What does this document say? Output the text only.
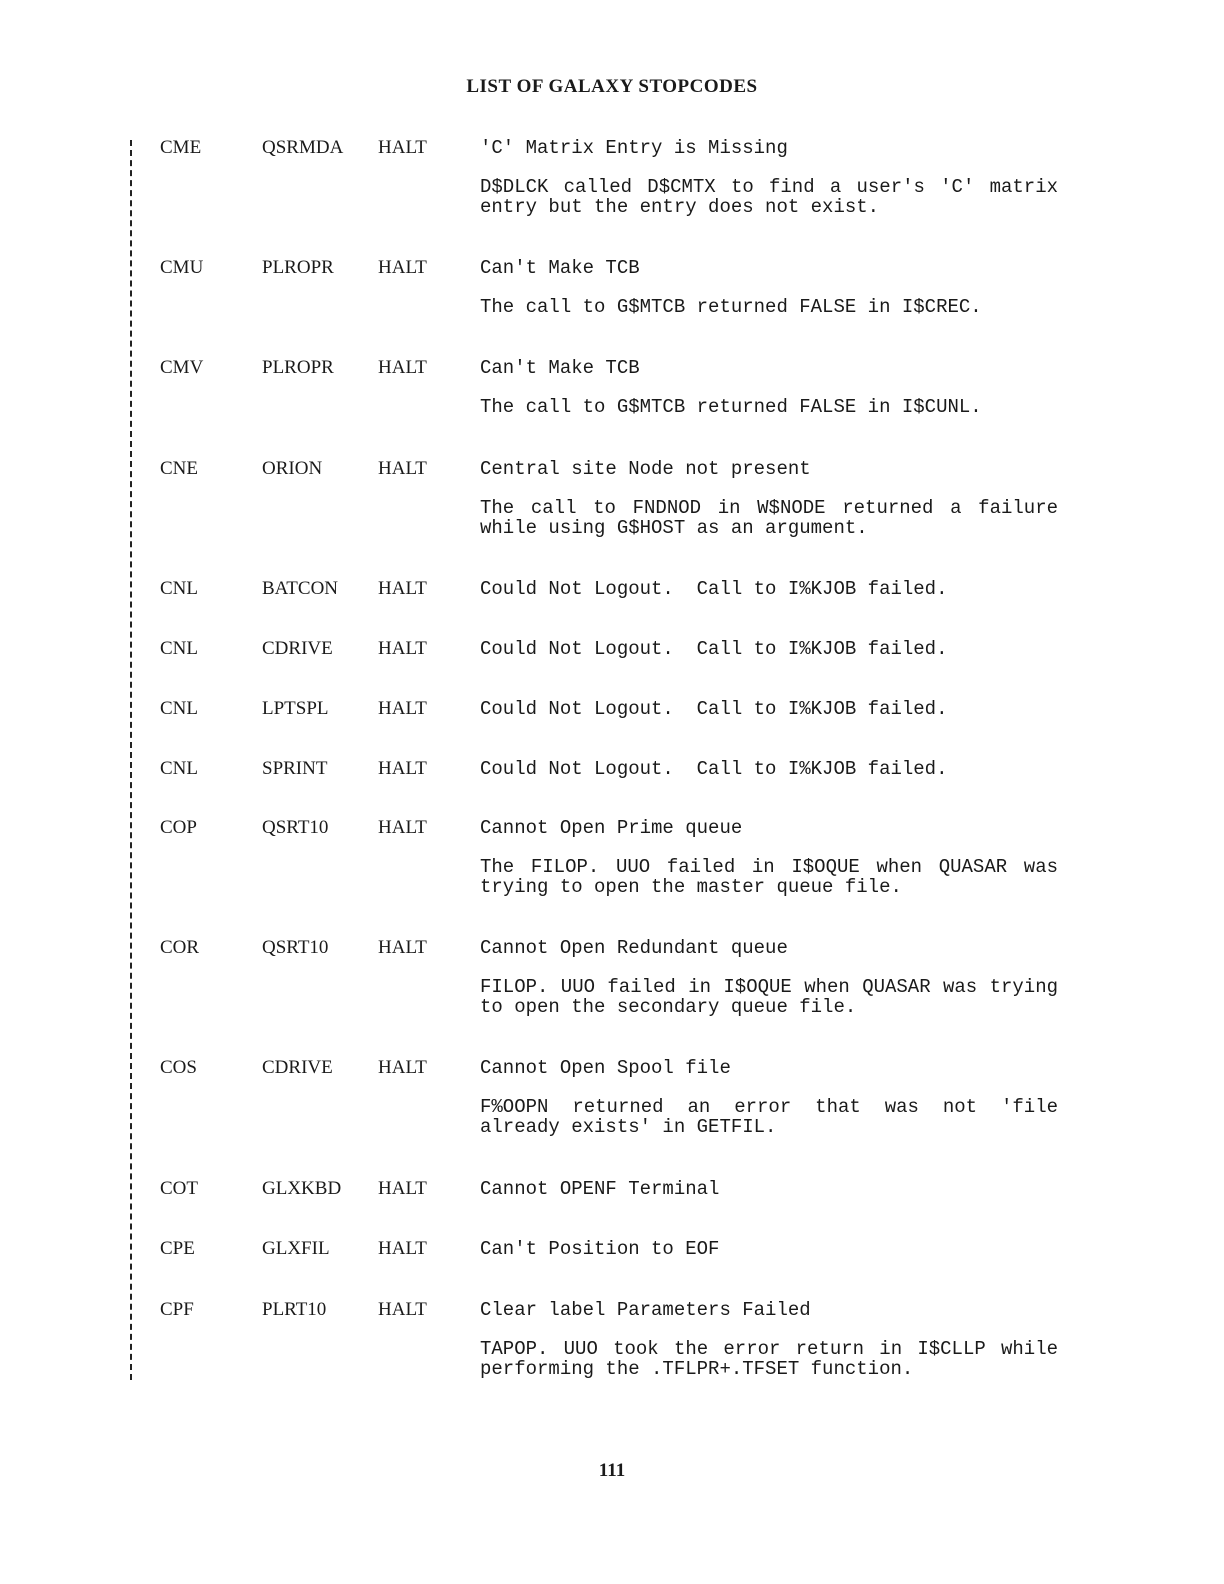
LIST OF GALAXY STOPCODES
CME	QSRMDA HALT	'C' Matrix Entry is Missing
D$DLCK called D$CMTX to find a user's 'C' matrix entry but the entry does not exist.
CMU	PLROPR HALT	Can't Make TCB
The call to G$MTCB returned FALSE in I$CREC.
CMV	PLROPR HALT	Can't Make TCB
The call to G$MTCB returned FALSE in I$CUNL.
CNE	ORION	HALT	Central site Node not present
The call to FNDNOD in W$NODE returned a failure while using G$HOST as an argument.
CNL	BATCON HALT	Could Not Logout.  Call to I%KJOB failed.
CNL	CDRIVE HALT	Could Not Logout.  Call to I%KJOB failed.
CNL	LPTSPL	HALT	Could Not Logout.  Call to I%KJOB failed.
CNL	SPRINT	HALT	Could Not Logout.  Call to I%KJOB failed.
COP	QSRT10	HALT	Cannot Open Prime queue
The FILOP. UUO failed in I$OQUE when QUASAR was trying to open the master queue file.
COR	QSRT10	HALT	Cannot Open Redundant queue
FILOP. UUO failed in I$OQUE when QUASAR was trying to open the secondary queue file.
COS	CDRIVE HALT	Cannot Open Spool file
F%OOPN returned an error that was not 'file already exists' in GETFIL.
COT	GLXKBD HALT	Cannot OPENF Terminal
CPE	GLXFIL	HALT	Can't Position to EOF
CPF	PLRT10	HALT	Clear label Parameters Failed
TAPOP. UUO took the error return in I$CLLP while performing the .TFLPR+.TFSET function.
111
